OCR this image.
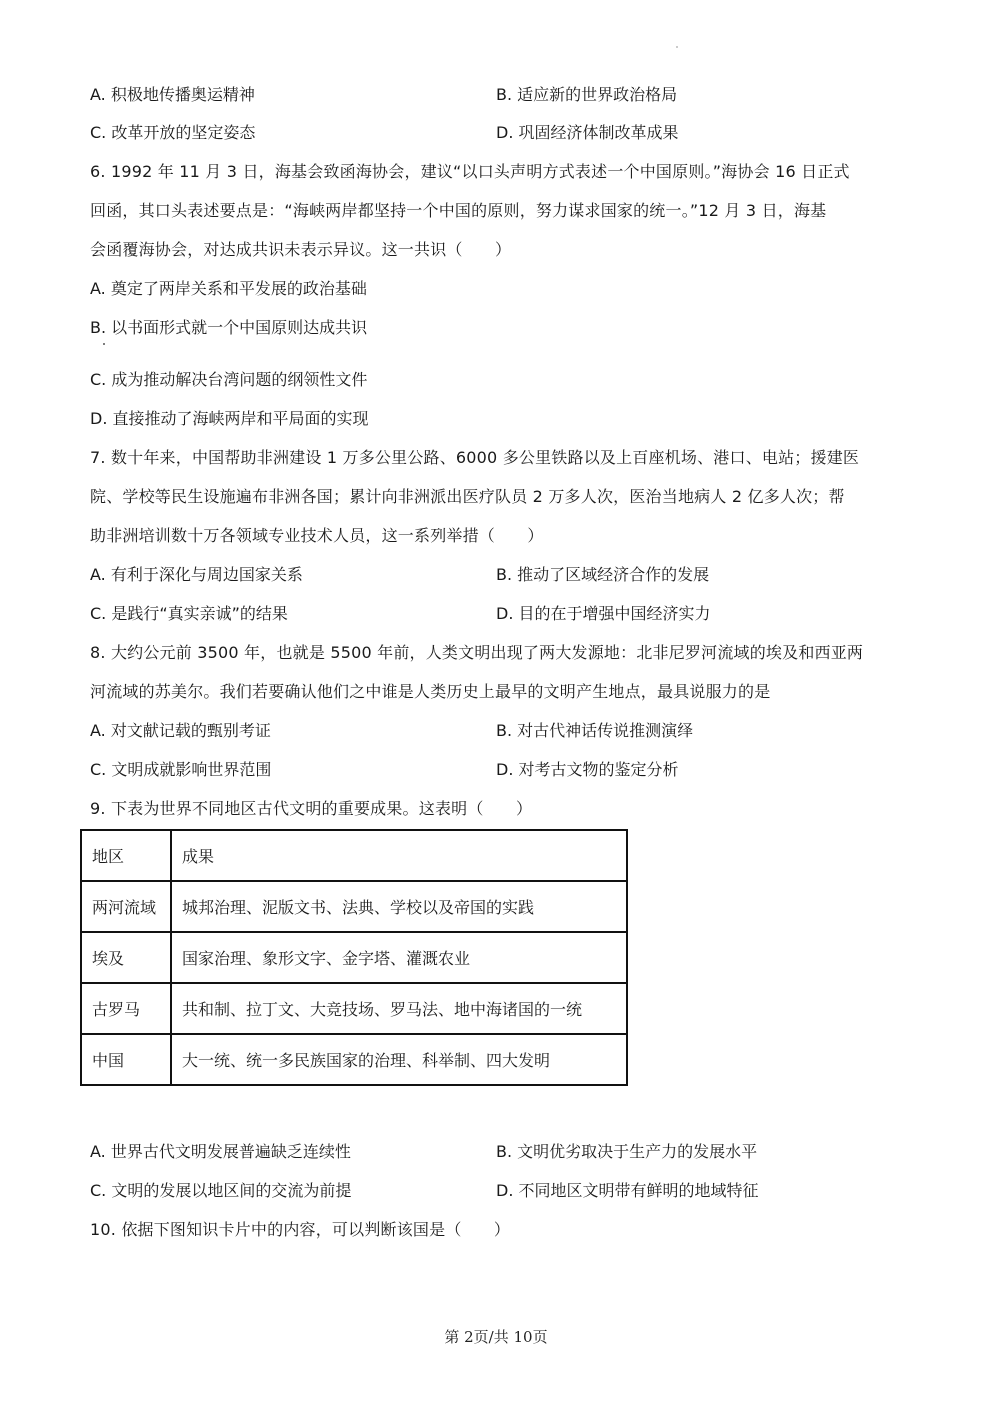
A. 积极地传播奥运精神	B. 适应新的世界政治格局
C. 改革开放的坚定姿态	D. 巩固经济体制改革成果
6. 1992 年 11 月 3 日，海基会致函海协会，建议“以口头声明方式表述一个中国原则。”海协会 16 日正式
回函，其口头表述要点是：“海峡两岸都坚持一个中国的原则，努力谋求国家的统一。”12 月 3 日，海基
会函覆海协会，对达成共识未表示异议。这一共识（　　）
A. 奠定了两岸关系和平发展的政治基础
B. 以书面形式就一个中国原则达成共识
C. 成为推动解决台湾问题的纲领性文件
D. 直接推动了海峡两岸和平局面的实现
7. 数十年来，中国帮助非洲建设 1 万多公里公路、6000 多公里铁路以及上百座机场、港口、电站；援建医
院、学校等民生设施遍布非洲各国；累计向非洲派出医疗队员 2 万多人次，医治当地病人 2 亿多人次；帮
助非洲培训数十万各领域专业技术人员，这一系列举措（　　）
A. 有利于深化与周边国家关系	B. 推动了区域经济合作的发展
C. 是践行“真实亲诚”的结果	D. 目的在于增强中国经济实力
8. 大约公元前 3500 年，也就是 5500 年前，人类文明出现了两大发源地：北非尼罗河流域的埃及和西亚两
河流域的苏美尔。我们若要确认他们之中谁是人类历史上最早的文明产生地点，最具说服力的是
A. 对文献记载的甄别考证	B. 对古代神话传说推测演绎
C. 文明成就影响世界范围	D. 对考古文物的鉴定分析
9. 下表为世界不同地区古代文明的重要成果。这表明（　　）
地区	成果
两河流域	城邦治理、泥版文书、法典、学校以及帝国的实践
埃及	国家治理、象形文字、金字塔、灌溉农业
古罗马	共和制、拉丁文、大竞技场、罗马法、地中海诸国的一统
中国	大一统、统一多民族国家的治理、科举制、四大发明
A. 世界古代文明发展普遍缺乏连续性	B. 文明优劣取决于生产力的发展水平
C. 文明的发展以地区间的交流为前提	D. 不同地区文明带有鲜明的地域特征
10. 依据下图知识卡片中的内容，可以判断该国是（　　）
第 2页/共 10页
